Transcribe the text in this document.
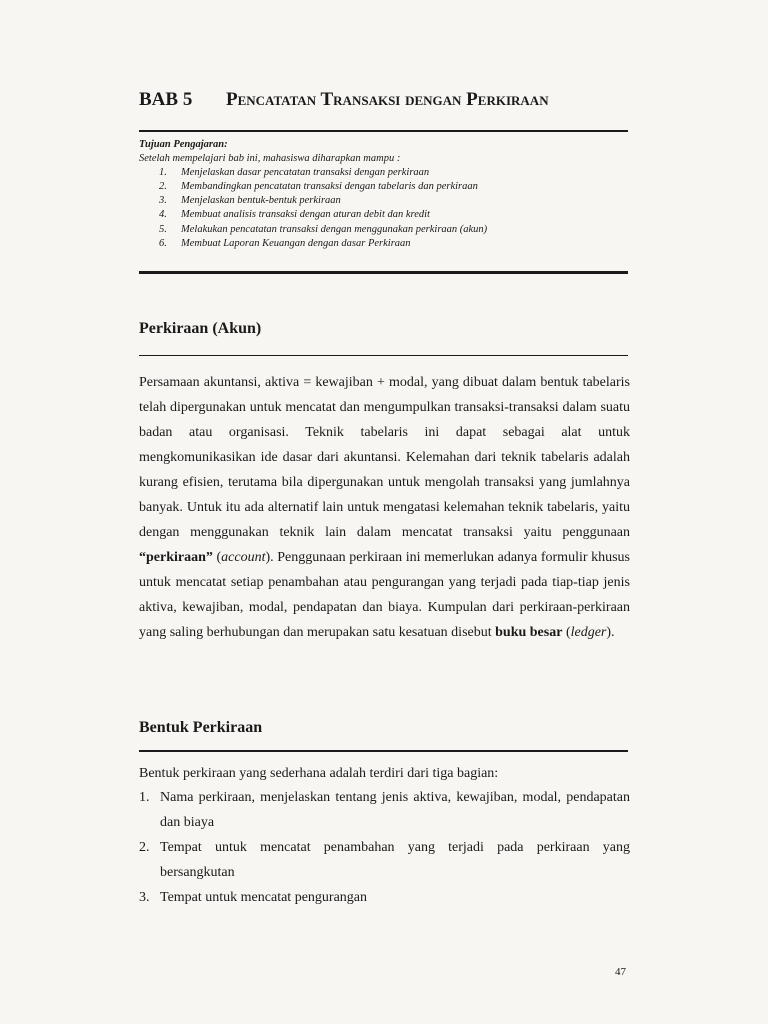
BAB 5 Pencatatan Transaksi dengan Perkiraan
Tujuan Pengajaran:
Setelah mempelajari bab ini, mahasiswa diharapkan mampu :
1.	Menjelaskan dasar pencatatan transaksi dengan perkiraan
2.	Membandingkan pencatatan transaksi dengan tabelaris dan perkiraan
3.	Menjelaskan bentuk-bentuk perkiraan
4.	Membuat analisis transaksi dengan aturan debit dan kredit
5.	Melakukan pencatatan transaksi dengan menggunakan perkiraan (akun)
6.	Membuat Laporan Keuangan dengan dasar Perkiraan
Perkiraan (Akun)
Persamaan akuntansi, aktiva = kewajiban + modal, yang dibuat dalam bentuk tabelaris telah dipergunakan untuk mencatat dan mengumpulkan transaksi-transaksi dalam suatu badan atau organisasi. Teknik tabelaris ini dapat sebagai alat untuk mengkomunikasikan ide dasar dari akuntansi. Kelemahan dari teknik tabelaris adalah kurang efisien, terutama bila dipergunakan untuk mengolah transaksi yang jumlahnya banyak. Untuk itu ada alternatif lain untuk mengatasi kelemahan teknik tabelaris, yaitu dengan menggunakan teknik lain dalam mencatat transaksi yaitu penggunaan “perkiraan” (account). Penggunaan perkiraan ini memerlukan adanya formulir khusus untuk mencatat setiap penambahan atau pengurangan yang terjadi pada tiap-tiap jenis aktiva, kewajiban, modal, pendapatan dan biaya. Kumpulan dari perkiraan-perkiraan yang saling berhubungan dan merupakan satu kesatuan disebut buku besar (ledger).
Bentuk Perkiraan
Bentuk perkiraan yang sederhana adalah terdiri dari tiga bagian:
1. Nama perkiraan, menjelaskan tentang jenis aktiva, kewajiban, modal, pendapatan dan biaya
2. Tempat untuk mencatat penambahan yang terjadi pada perkiraan yang bersangkutan
3. Tempat untuk mencatat pengurangan
47
